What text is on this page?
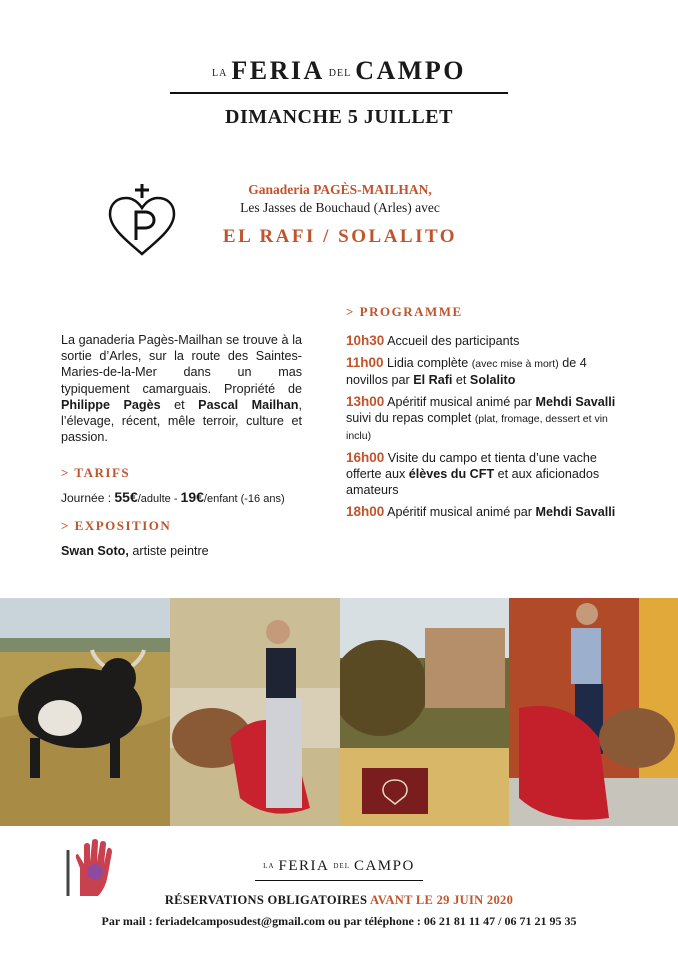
LA FERIA DEL CAMPO
DIMANCHE 5 JUILLET
Ganaderia PAGÈS-MAILHAN,
Les Jasses de Bouchaud (Arles) avec
EL RAFI / SOLALITO
La ganaderia Pagès-Mailhan se trouve à la sortie d’Arles, sur la route des Saintes-Maries-de-la-Mer dans un mas typiquement camarguais. Propriété de Philippe Pagès et Pascal Mailhan, l’élevage, récent, mêle terroir, culture et passion.
> TARIFS
Journée : 55€/adulte - 19€/enfant (-16 ans)
> EXPOSITION
Swan Soto, artiste peintre
> PROGRAMME
10h30 Accueil des participants
11h00 Lidia complète (avec mise à mort) de 4 novillos par El Rafi et Solalito
13h00 Apéritif musical animé par Mehdi Savalli suivi du repas complet (plat, fromage, dessert et vin inclu)
16h00 Visite du campo et tienta d’une vache offerte aux élèves du CFT et aux aficionados amateurs
18h00 Apéritif musical animé par Mehdi Savalli
LA FERIA DEL CAMPO
RÉSERVATIONS OBLIGATOIRES AVANT LE 29 JUIN 2020
Par mail : feriadelcamposudest@gmail.com ou par téléphone : 06 21 81 11 47 / 06 71 21 95 35
